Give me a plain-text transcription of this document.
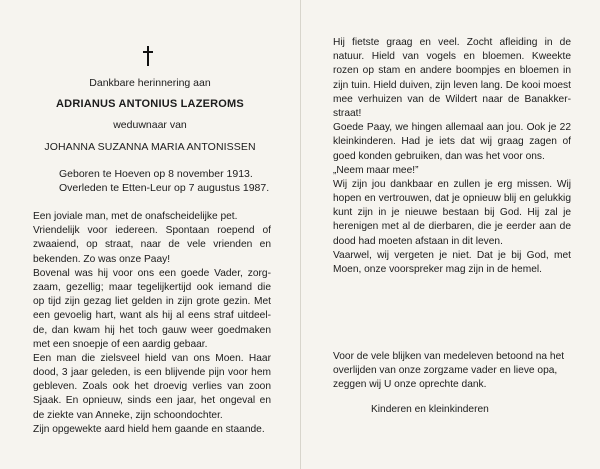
Dankbare herinnering aan
ADRIANUS ANTONIUS LAZEROMS
weduwnaar van
JOHANNA SUZANNA MARIA ANTONISSEN
Geboren te Hoeven op 8 november 1913.
Overleden te Etten-Leur op 7 augustus 1987.
Een joviale man, met de onafscheidelijke pet.
Vriendelijk voor iedereen. Spontaan roepend of
zwaaiend, op straat, naar de vele vrienden en
bekenden. Zo was onze Paay!
Bovenal was hij voor ons een goede Vader, zorg-
zaam, gezellig; maar tegelijkertijd ook iemand die
op tijd zijn gezag liet gelden in zijn grote gezin. Met
een gevoelig hart, want als hij al eens straf uitdeel-
de, dan kwam hij het toch gauw weer goedmaken
met een snoepje of een aardig gebaar.
Een man die zielsveel hield van ons Moen. Haar
dood, 3 jaar geleden, is een blijvende pijn voor hem
gebleven. Zoals ook het droevig verlies van zoon
Sjaak. En opnieuw, sinds een jaar, het ongeval en
de ziekte van Anneke, zijn schoondochter.
Zijn opgewekte aard hield hem gaande en staande.
Hij fietste graag en veel. Zocht afleiding in de
natuur. Hield van vogels en bloemen. Kweekte
rozen op stam en andere boompjes en bloemen in
zijn tuin. Hield duiven, zijn leven lang. De kooi moest
mee verhuizen van de Wildert naar de Banakker-
straat!
Goede Paay, we hingen allemaal aan jou. Ook je 22
kleinkinderen. Had je iets dat wij graag zagen of
goed konden gebruiken, dan was het voor ons.
„Neem maar mee!”
Wij zijn jou dankbaar en zullen je erg missen. Wij
hopen en vertrouwen, dat je opnieuw blij en gelukkig
kunt zijn in je nieuwe bestaan bij God. Hij zal je
herenigen met al de dierbaren, die je eerder aan de
dood had moeten afstaan in dit leven.
Vaarwel, wij vergeten je niet. Dat je bij God, met
Moen, onze voorspreker mag zijn in de hemel.
Voor de vele blijken van medeleven betoond na het
overlijden van onze zorgzame vader en lieve opa,
zeggen wij U onze oprechte dank.
Kinderen en kleinkinderen
